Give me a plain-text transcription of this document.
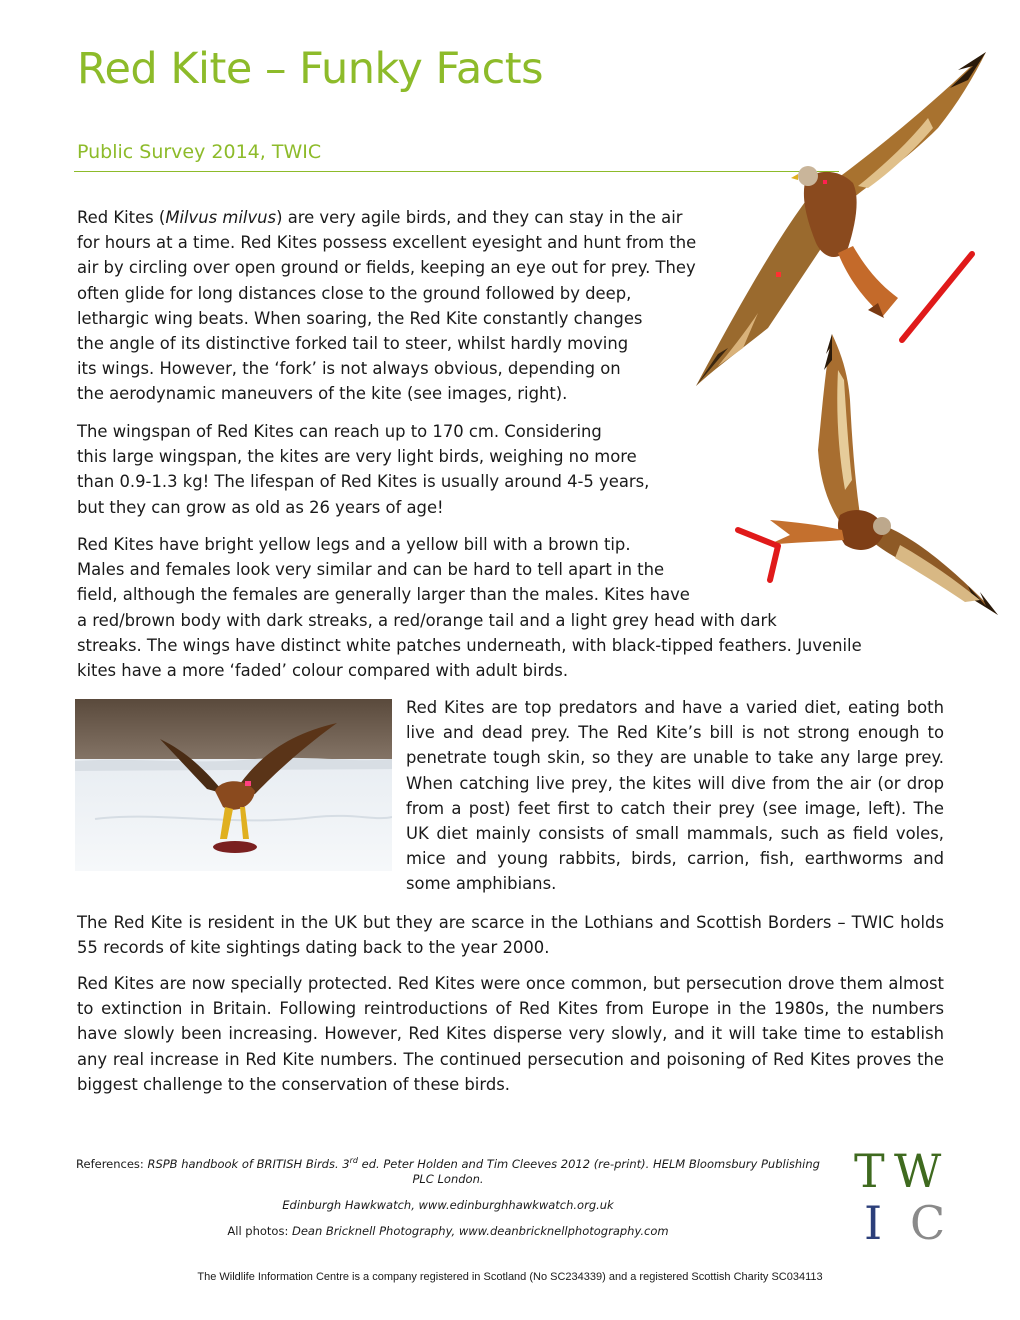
Red Kite – Funky Facts
Public Survey 2014, TWIC

Red Kites (Milvus milvus) are very agile birds, and they can stay in the air
for hours at a time. Red Kites possess excellent eyesight and hunt from the
air by circling over open ground or fields, keeping an eye out for prey. They
often glide for long distances close to the ground followed by deep,
lethargic wing beats. When soaring, the Red Kite constantly changes
the angle of its distinctive forked tail to steer, whilst hardly moving
its wings. However, the ‘fork’ is not always obvious, depending on
the aerodynamic maneuvers of the kite (see images, right).

The wingspan of Red Kites can reach up to 170 cm. Considering
this large wingspan, the kites are very light birds, weighing no more
than 0.9-1.3 kg! The lifespan of Red Kites is usually around 4-5 years,
but they can grow as old as 26 years of age!

Red Kites have bright yellow legs and a yellow bill with a brown tip.
Males and females look very similar and can be hard to tell apart in the
field, although the females are generally larger than the males. Kites have
a red/brown body with dark streaks, a red/orange tail and a light grey head with dark
streaks. The wings have distinct white patches underneath, with black-tipped feathers. Juvenile
kites have a more ‘faded’ colour compared with adult birds.

Red Kites are top predators and have a varied diet, eating both live and dead prey. The Red Kite’s bill is not strong enough to penetrate tough skin, so they are unable to take any large prey. When catching live prey, the kites will dive from the air (or drop from a post) feet first to catch their prey (see image, left). The UK diet mainly consists of small mammals, such as field voles, mice and young rabbits, birds, carrion, fish, earthworms and some amphibians.

The Red Kite is resident in the UK but they are scarce in the Lothians and Scottish Borders – TWIC holds 55 records of kite sightings dating back to the year 2000.

Red Kites are now specially protected. Red Kites were once common, but persecution drove them almost to extinction in Britain. Following reintroductions of Red Kites from Europe in the 1980s, the numbers have slowly been increasing. However, Red Kites disperse very slowly, and it will take time to establish any real increase in Red Kite numbers. The continued persecution and poisoning of Red Kites proves the biggest challenge to the conservation of these birds.

References: RSPB handbook of BRITISH Birds. 3rd ed. Peter Holden and Tim Cleeves 2012 (re-print). HELM Bloomsbury Publishing
PLC London.

Edinburgh Hawkwatch, www.edinburghhawkwatch.org.uk

All photos: Dean Bricknell Photography, www.deanbricknellphotography.com

T W
I C

The Wildlife Information Centre is a company registered in Scotland (No SC234339) and a registered Scottish Charity SC034113
